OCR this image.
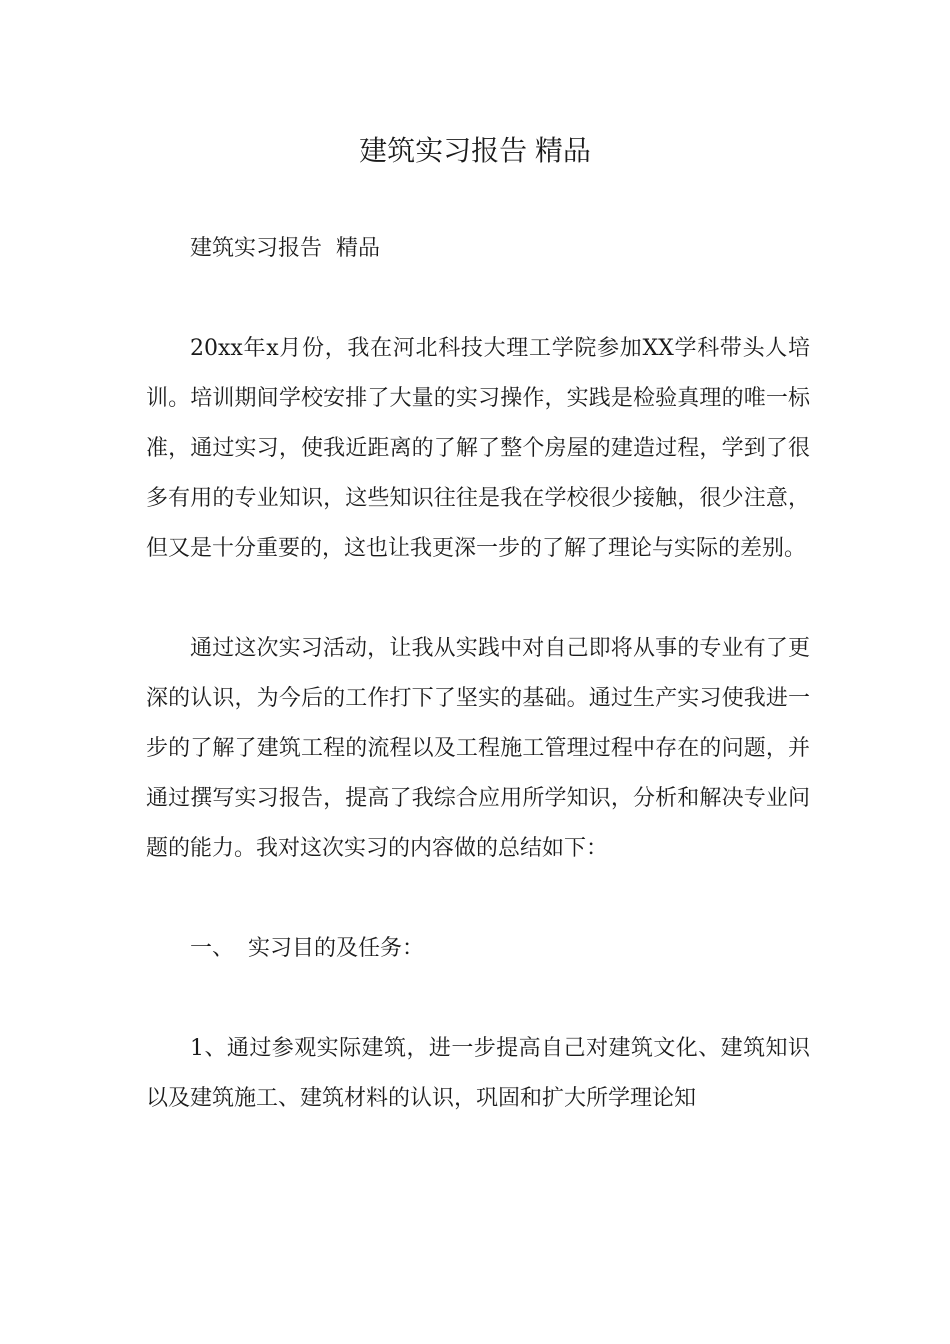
建筑实习报告 精品

建筑实习报告  精品

20xx年x月份，我在河北科技大理工学院参加XX学科带头人培训。培训期间学校安排了大量的实习操作，实践是检验真理的唯一标准，通过实习，使我近距离的了解了整个房屋的建造过程，学到了很多有用的专业知识，这些知识往往是我在学校很少接触，很少注意，但又是十分重要的，这也让我更深一步的了解了理论与实际的差别。

通过这次实习活动，让我从实践中对自己即将从事的专业有了更深的认识，为今后的工作打下了坚实的基础。通过生产实习使我进一步的了解了建筑工程的流程以及工程施工管理过程中存在的问题，并通过撰写实习报告，提高了我综合应用所学知识，分析和解决专业问题的能力。我对这次实习的内容做的总结如下：

一、  实习目的及任务：

1、通过参观实际建筑，进一步提高自己对建筑文化、建筑知识以及建筑施工、建筑材料的认识，巩固和扩大所学理论知
